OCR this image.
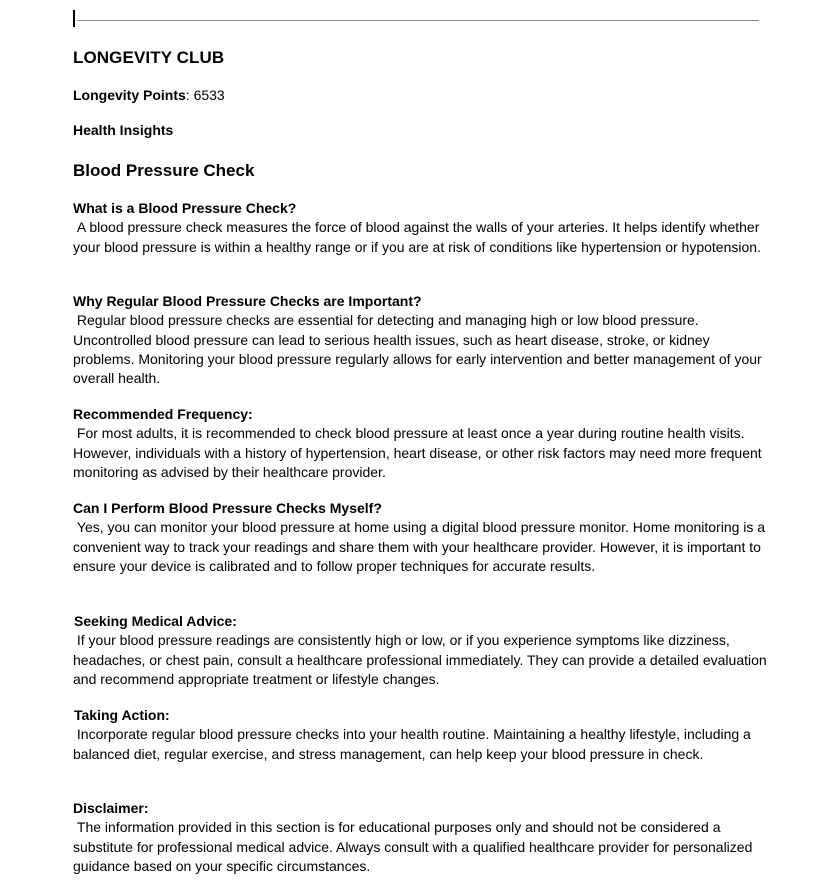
LONGEVITY CLUB
Longevity Points: 6533
Health Insights
Blood Pressure Check
What is a Blood Pressure Check?
A blood pressure check measures the force of blood against the walls of your arteries. It helps identify whether your blood pressure is within a healthy range or if you are at risk of conditions like hypertension or hypotension.
Why Regular Blood Pressure Checks are Important?
Regular blood pressure checks are essential for detecting and managing high or low blood pressure. Uncontrolled blood pressure can lead to serious health issues, such as heart disease, stroke, or kidney problems. Monitoring your blood pressure regularly allows for early intervention and better management of your overall health.
Recommended Frequency:
For most adults, it is recommended to check blood pressure at least once a year during routine health visits. However, individuals with a history of hypertension, heart disease, or other risk factors may need more frequent monitoring as advised by their healthcare provider.
Can I Perform Blood Pressure Checks Myself?
Yes, you can monitor your blood pressure at home using a digital blood pressure monitor. Home monitoring is a convenient way to track your readings and share them with your healthcare provider. However, it is important to ensure your device is calibrated and to follow proper techniques for accurate results.
Seeking Medical Advice:
If your blood pressure readings are consistently high or low, or if you experience symptoms like dizziness, headaches, or chest pain, consult a healthcare professional immediately. They can provide a detailed evaluation and recommend appropriate treatment or lifestyle changes.
Taking Action:
Incorporate regular blood pressure checks into your health routine. Maintaining a healthy lifestyle, including a balanced diet, regular exercise, and stress management, can help keep your blood pressure in check.
Disclaimer:
The information provided in this section is for educational purposes only and should not be considered a substitute for professional medical advice. Always consult with a qualified healthcare provider for personalized guidance based on your specific circumstances.
